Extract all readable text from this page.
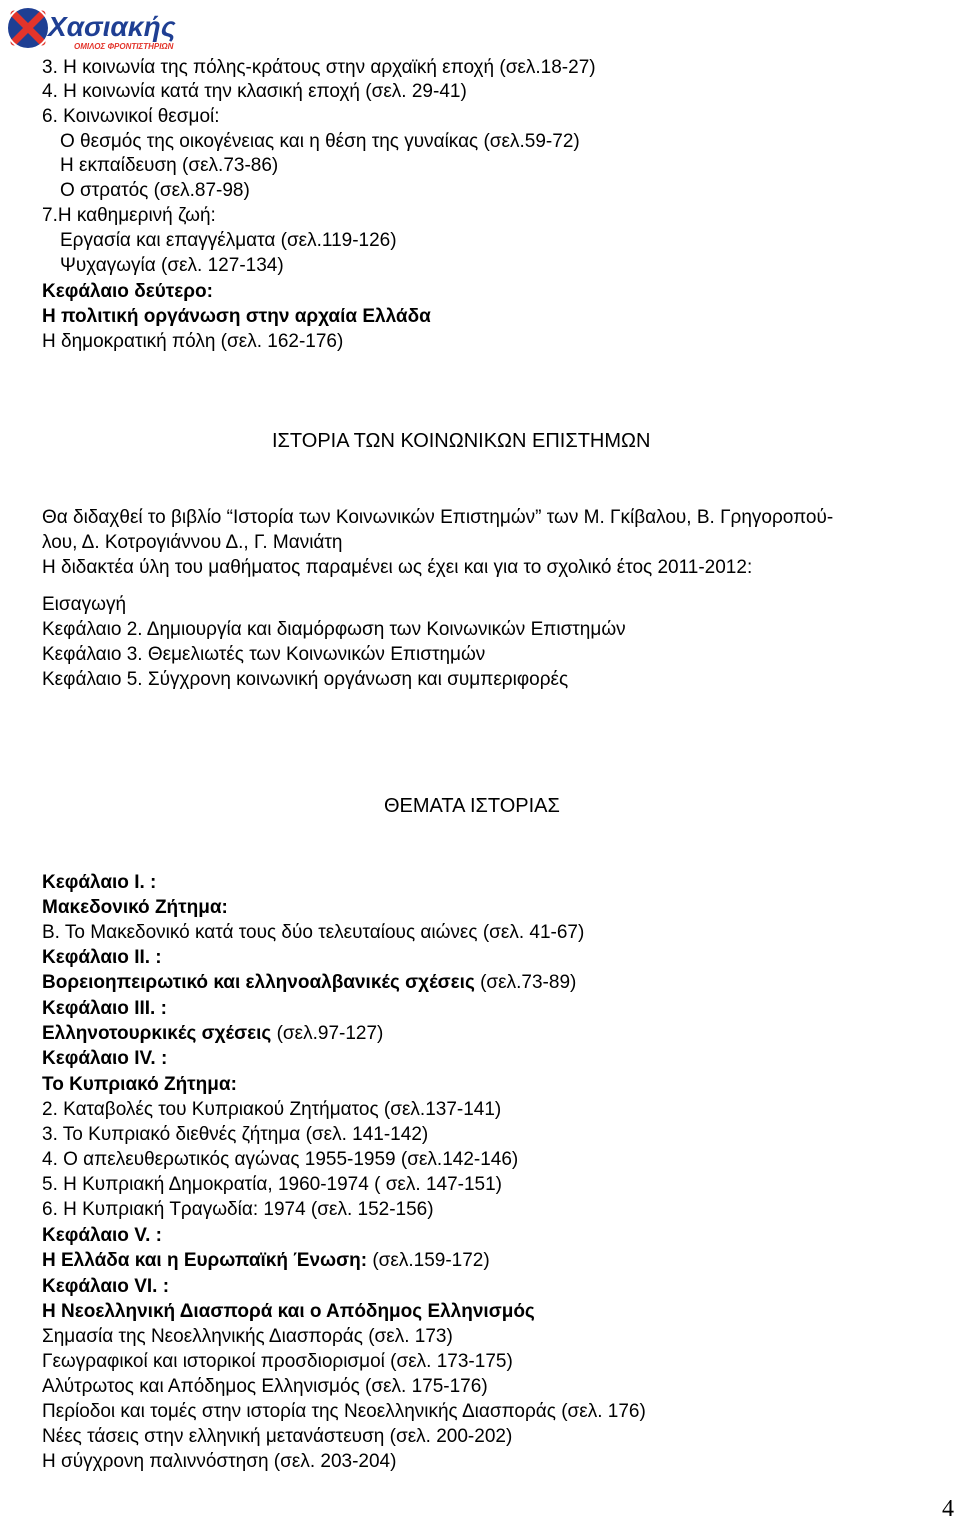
Χασιακής
ΟΜΙΛΟΣ ΦΡΟΝΤΙΣΤΗΡΙΩΝ
3. Η κοινωνία της πόλης-κράτους στην αρχαϊκή εποχή (σελ.18-27)
4. Η κοινωνία κατά την κλασική εποχή (σελ. 29-41)
6. Κοινωνικοί θεσμοί:
Ο θεσμός της οικογένειας και η θέση της γυναίκας (σελ.59-72)
Η εκπαίδευση (σελ.73-86)
Ο στρατός (σελ.87-98)
7.Η καθημερινή ζωή:
Εργασία και επαγγέλματα (σελ.119-126)
Ψυχαγωγία (σελ. 127-134)
Κεφάλαιο δεύτερο:
Η πολιτική οργάνωση στην αρχαία Ελλάδα
Η δημοκρατική πόλη (σελ. 162-176)
ΙΣΤΟΡΙΑ ΤΩΝ ΚΟΙΝΩΝΙΚΩΝ ΕΠΙΣΤΗΜΩΝ
Θα διδαχθεί το βιβλίο “Ιστορία των Κοινωνικών Επιστημών” των Μ. Γκίβαλου, Β. Γρηγοροπού-
λου, Δ. Κοτρογιάννου Δ., Γ. Μανιάτη
Η διδακτέα ύλη του μαθήματος παραμένει ως έχει και για το σχολικό έτος 2011-2012:
Εισαγωγή
Κεφάλαιο 2. Δημιουργία και διαμόρφωση των Κοινωνικών Επιστημών
Κεφάλαιο 3. Θεμελιωτές των Κοινωνικών Επιστημών
Κεφάλαιο 5. Σύγχρονη κοινωνική οργάνωση και συμπεριφορές
ΘΕΜΑΤΑ ΙΣΤΟΡΙΑΣ
Κεφάλαιο Ι. :
Μακεδονικό Ζήτημα:
Β. Το Μακεδονικό κατά τους δύο τελευταίους αιώνες (σελ. 41-67)
Κεφάλαιο ΙΙ. :
Βορειοηπειρωτικό και ελληνοαλβανικές σχέσεις (σελ.73-89)
Κεφάλαιο ΙΙΙ. :
Ελληνοτουρκικές σχέσεις (σελ.97-127)
Κεφάλαιο ΙV. :
Το Κυπριακό Ζήτημα:
2. Καταβολές του Κυπριακού Ζητήματος (σελ.137-141)
3. Το Κυπριακό διεθνές ζήτημα (σελ. 141-142)
4. Ο απελευθερωτικός αγώνας 1955-1959 (σελ.142-146)
5. Η Κυπριακή Δημοκρατία, 1960-1974 ( σελ. 147-151)
6. Η Κυπριακή Τραγωδία: 1974 (σελ. 152-156)
Κεφάλαιο V. :
Η Ελλάδα και η Ευρωπαϊκή Ένωση: (σελ.159-172)
Κεφάλαιο VI. :
Η Νεοελληνική Διασπορά και ο Απόδημος Ελληνισμός
Σημασία της Νεοελληνικής Διασποράς (σελ. 173)
Γεωγραφικοί και ιστορικοί προσδιορισμοί (σελ. 173-175)
Αλύτρωτος και Απόδημος Ελληνισμός (σελ. 175-176)
Περίοδοι και τομές στην ιστορία της Νεοελληνικής Διασποράς (σελ. 176)
Νέες τάσεις στην ελληνική μετανάστευση (σελ. 200-202)
Η σύγχρονη παλιννόστηση (σελ. 203-204)
4
